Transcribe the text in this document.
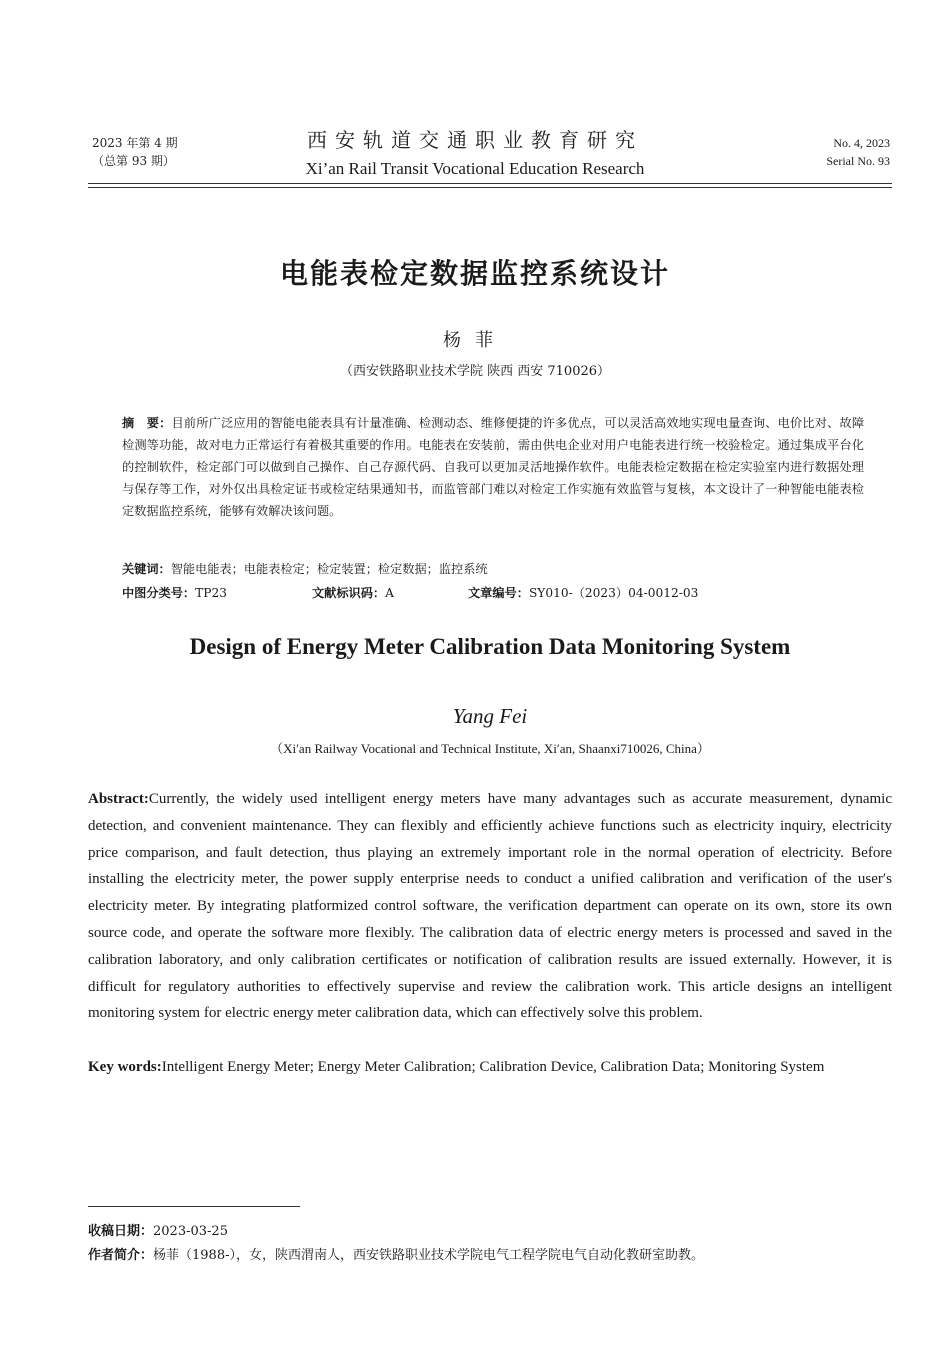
2023 年第 4 期
（总第 93 期）
西安轨道交通职业教育研究
Xi’an Rail Transit Vocational Education Research
No. 4, 2023
Serial No. 93
电能表检定数据监控系统设计
杨菲
（西安铁路职业技术学院 陕西 西安 710026）
摘　要：目前所广泛应用的智能电能表具有计量准确、检测动态、维修便捷的许多优点，可以灵活高效地实现电量查询、电价比对、故障检测等功能，故对电力正常运行有着极其重要的作用。电能表在安装前，需由供电企业对用户电能表进行统一校验检定。通过集成平台化的控制软件，检定部门可以做到自己操作、自己存源代码、自我可以更加灵活地操作软件。电能表检定数据在检定实验室内进行数据处理与保存等工作，对外仅出具检定证书或检定结果通知书，而监管部门难以对检定工作实施有效监管与复核，本文设计了一种智能电能表检定数据监控系统，能够有效解决该问题。
关键词：智能电能表；电能表检定；检定装置；检定数据；监控系统
中图分类号：TP23	文献标识码：A	文章编号：SY010-（2023）04-0012-03
Design of Energy Meter Calibration Data Monitoring System
Yang Fei
（Xi′an Railway Vocational and Technical Institute, Xi′an, Shaanxi710026, China）
Abstract:Currently, the widely used intelligent energy meters have many advantages such as accurate measurement, dynamic detection, and convenient maintenance. They can flexibly and efficiently achieve functions such as electricity inquiry, electricity price comparison, and fault detection, thus playing an extremely important role in the normal operation of electricity. Before installing the electricity meter, the power supply enterprise needs to conduct a unified calibration and verification of the user′s electricity meter. By integrating platformized control software, the verification department can operate on its own, store its own source code, and operate the software more flexibly. The calibration data of electric energy meters is processed and saved in the calibration laboratory, and only calibration certificates or notification of calibration results are issued externally. However, it is difficult for regulatory authorities to effectively supervise and review the calibration work. This article designs an intelligent monitoring system for electric energy meter calibration data, which can effectively solve this problem.
Key words:Intelligent Energy Meter; Energy Meter Calibration; Calibration Device, Calibration Data; Monitoring System
收稿日期：2023-03-25
作者简介：杨菲（1988-），女，陕西渭南人，西安铁路职业技术学院电气工程学院电气自动化教研室助教。
